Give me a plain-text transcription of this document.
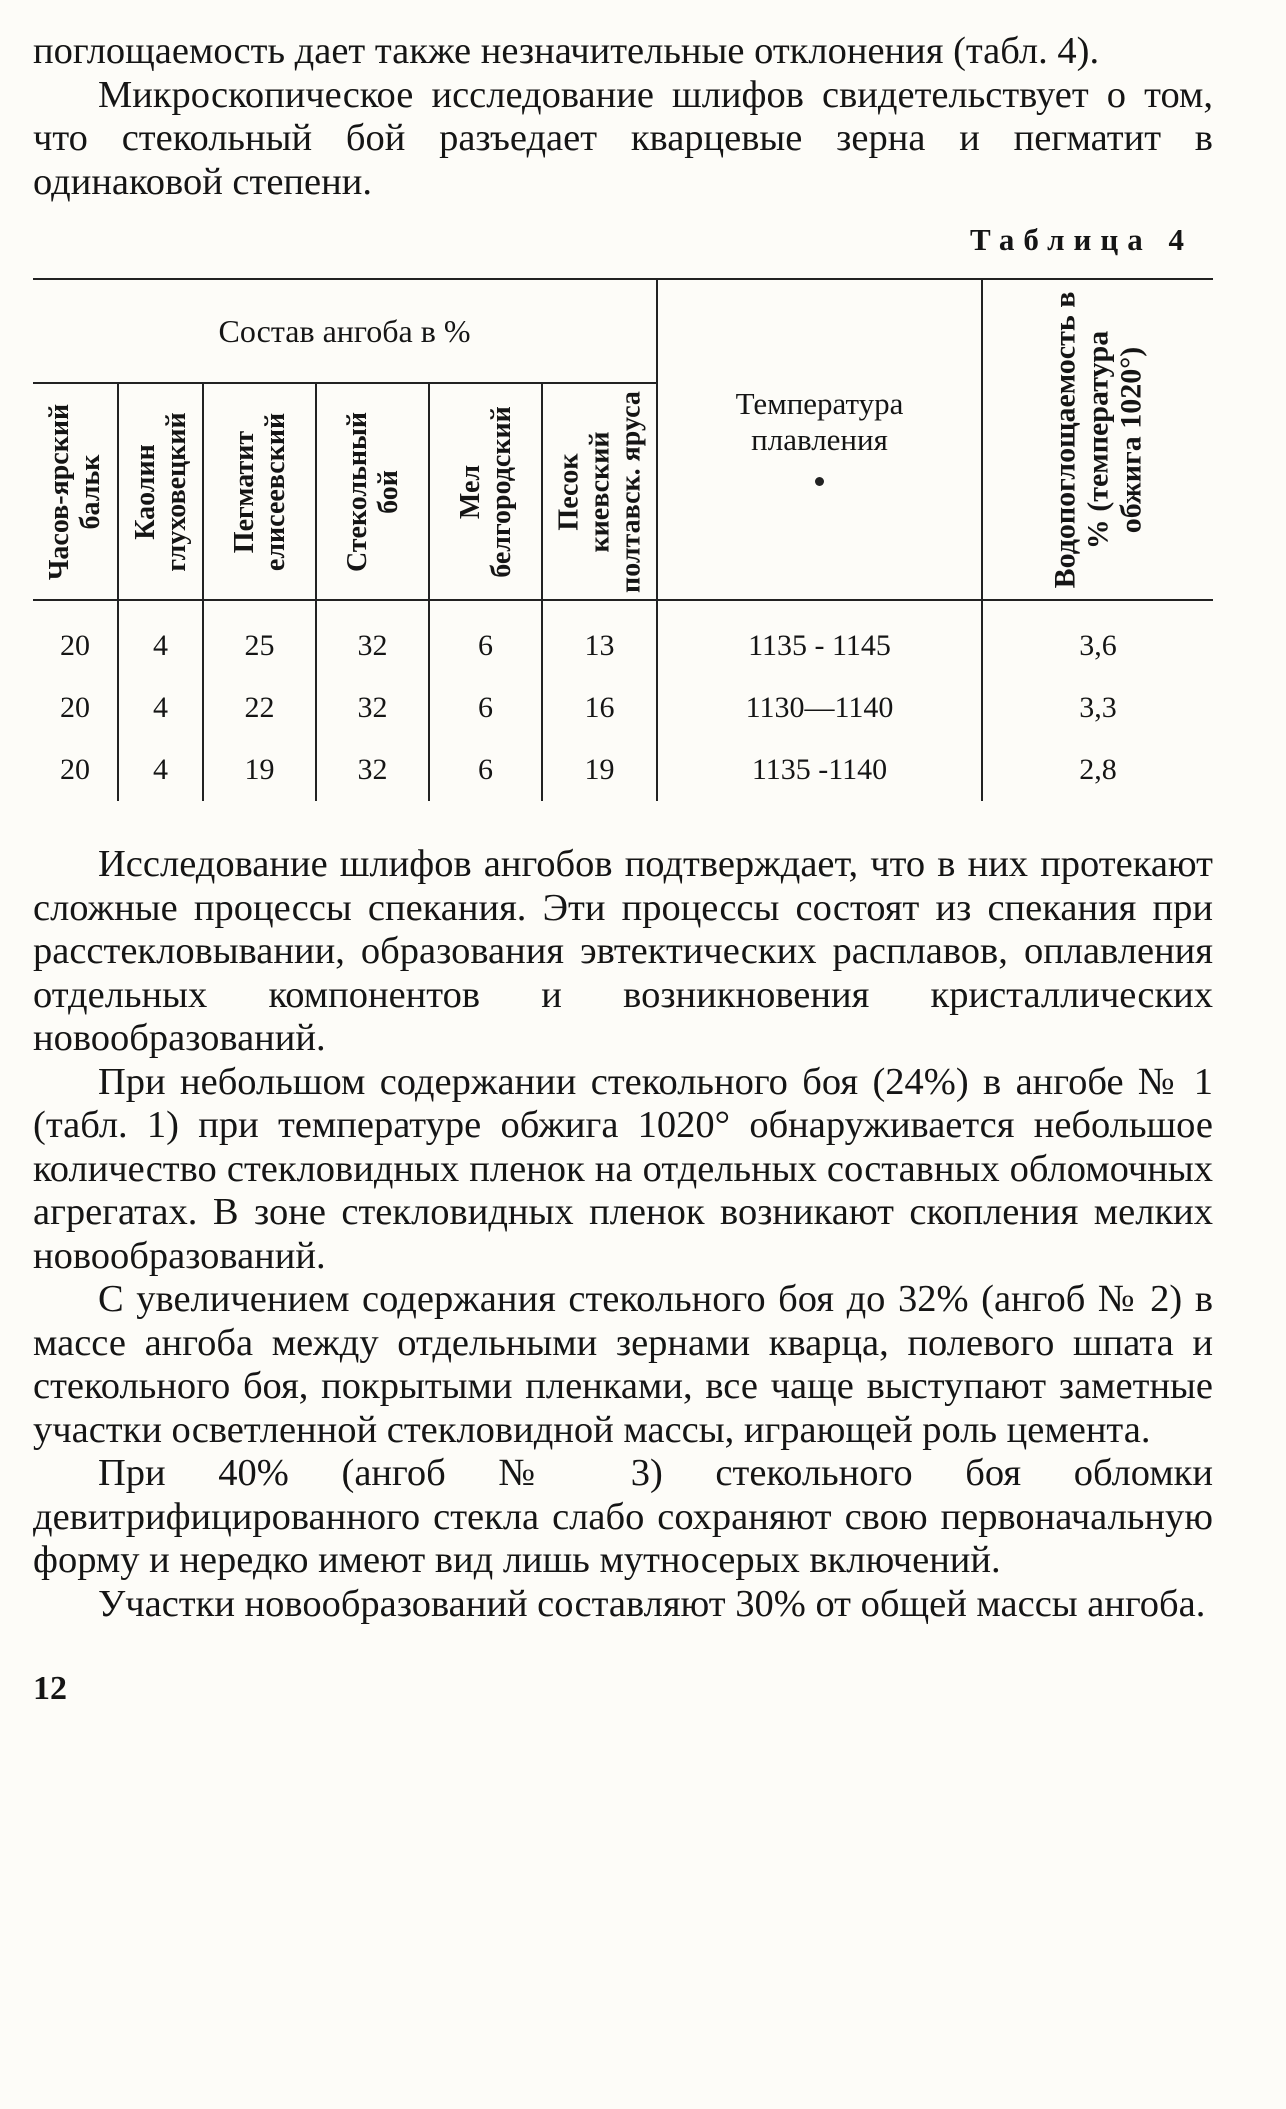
поглощаемость дает также незначительные отклонения (табл. 4).

Микроскопическое исследование шлифов свидетельствует о том, что стекольный бой разъедает кварцевые зерна и пегматит в одинаковой степени.

Таблица 4
Состав ангоба в %						Температура плавления	Водопоглощаемость в % (температура обжига 1020°)

Часов-ярский бальк	Каолин глуховецкий	Пегматит елисеевский	Стекольный бой	Мел белгородский	Песок киевский полтавск. яруса		

20	4	25	32	6	13	1135 - 1145	3,6
20	4	22	32	6	16	1130—1140	3,3
20	4	19	32	6	19	1135 -1140	2,8

Исследование шлифов ангобов подтверждает, что в них протекают сложные процессы спекания. Эти процессы состоят из спекания при расстекловывании, образования эвтектических расплавов, оплавления отдельных компонентов и возникновения кристаллических новообразований.

При небольшом содержании стекольного боя (24%) в ангобе № 1 (табл. 1) при температуре обжига 1020° обнаруживается небольшое количество стекловидных пленок на отдельных составных обломочных агрегатах. В зоне стекловидных пленок возникают скопления мелких новообразований.

С увеличением содержания стекольного боя до 32% (ангоб № 2) в массе ангоба между отдельными зернами кварца, полевого шпата и стекольного боя, покрытыми пленками, все чаще выступают заметные участки осветленной стекловидной массы, играющей роль цемента.

При 40% (ангоб № 3) стекольного боя обломки девитрифицированного стекла слабо сохраняют свою первоначальную форму и нередко имеют вид лишь мутносерых включений.

Участки новообразований составляют 30% от общей массы ангоба.

12
